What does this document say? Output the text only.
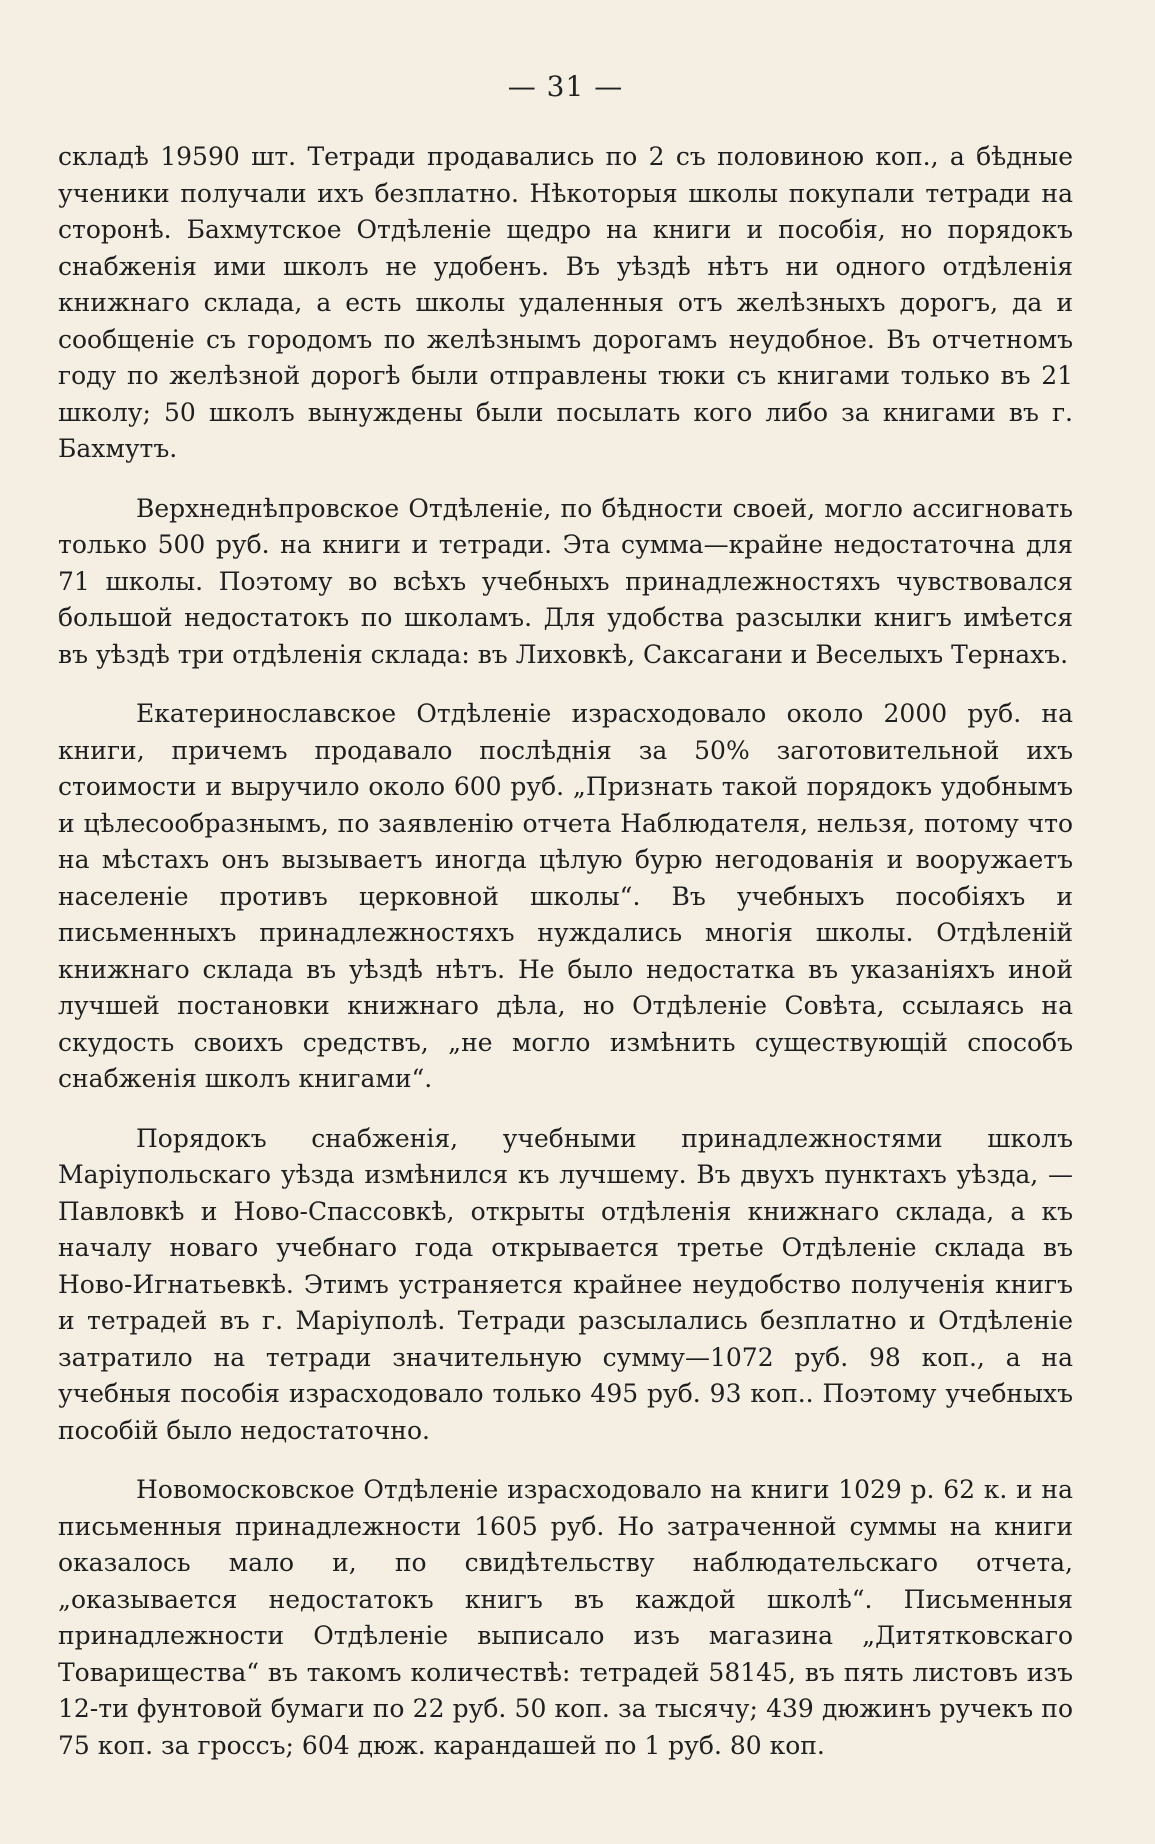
— 31 —

складѣ 19590 шт. Тетради продавались по 2 съ половиною коп., а бѣдные ученики получали ихъ безплатно. Нѣкоторыя школы покупали тетради на сторонѣ. Бахмутское Отдѣленіе щедро на книги и пособія, но порядокъ снабженія ими школъ не удобенъ. Въ уѣздѣ нѣтъ ни одного отдѣленія книжнаго склада, а есть школы удаленныя отъ желѣзныхъ дорогъ, да и сообщеніе съ городомъ по желѣзнымъ дорогамъ неудобное. Въ отчетномъ году по желѣзной дорогѣ были отправлены тюки съ книгами только въ 21 школу; 50 школъ вынуждены были посылать кого либо за книгами въ г. Бахмутъ.

Верхнеднѣпровское Отдѣленіе, по бѣдности своей, могло ассигновать только 500 руб. на книги и тетради. Эта сумма—крайне недостаточна для 71 школы. Поэтому во всѣхъ учебныхъ принадлежностяхъ чувствовался большой недостатокъ по школамъ. Для удобства разсылки книгъ имѣется въ уѣздѣ три отдѣленія склада: въ Лиховкѣ, Саксагани и Веселыхъ Тернахъ.

Екатеринославское Отдѣленіе израсходовало около 2000 руб. на книги, причемъ продавало послѣднія за 50% заготовительной ихъ стоимости и выручило около 600 руб. „Признать такой порядокъ удобнымъ и цѣлесообразнымъ, по заявленію отчета Наблюдателя, нельзя, потому что на мѣстахъ онъ вызываетъ иногда цѣлую бурю негодованія и вооружаетъ населеніе противъ церковной школы“. Въ учебныхъ пособіяхъ и письменныхъ принадлежностяхъ нуждались многія школы. Отдѣленій книжнаго склада въ уѣздѣ нѣтъ. Не было недостатка въ указаніяхъ иной лучшей постановки книжнаго дѣла, но Отдѣленіе Совѣта, ссылаясь на скудость своихъ средствъ, „не могло измѣнить существующій способъ снабженія школъ книгами“.

Порядокъ снабженія, учебными принадлежностями школъ Маріупольскаго уѣзда измѣнился къ лучшему. Въ двухъ пунктахъ уѣзда, —Павловкѣ и Ново-Спассовкѣ, открыты отдѣленія книжнаго склада, а къ началу новаго учебнаго года открывается третье Отдѣленіе склада въ Ново-Игнатьевкѣ. Этимъ устраняется крайнее неудобство полученія книгъ и тетрадей въ г. Маріуполѣ. Тетради разсылались безплатно и Отдѣленіе затратило на тетради значительную сумму—1072 руб. 98 коп., а на учебныя пособія израсходовало только 495 руб. 93 коп.. Поэтому учебныхъ пособій было недостаточно.

Новомосковское Отдѣленіе израсходовало на книги 1029 р. 62 к. и на письменныя принадлежности 1605 руб. Но затраченной суммы на книги оказалось мало и, по свидѣтельству наблюдательскаго отчета, „оказывается недостатокъ книгъ въ каждой школѣ“. Письменныя принадлежности Отдѣленіе выписало изъ магазина „Дитятковскаго Товарищества“ въ такомъ количествѣ: тетрадей 58145, въ пять листовъ изъ 12-ти фунтовой бумаги по 22 руб. 50 коп. за тысячу; 439 дюжинъ ручекъ по 75 коп. за гроссъ; 604 дюж. карандашей по 1 руб. 80 коп.
